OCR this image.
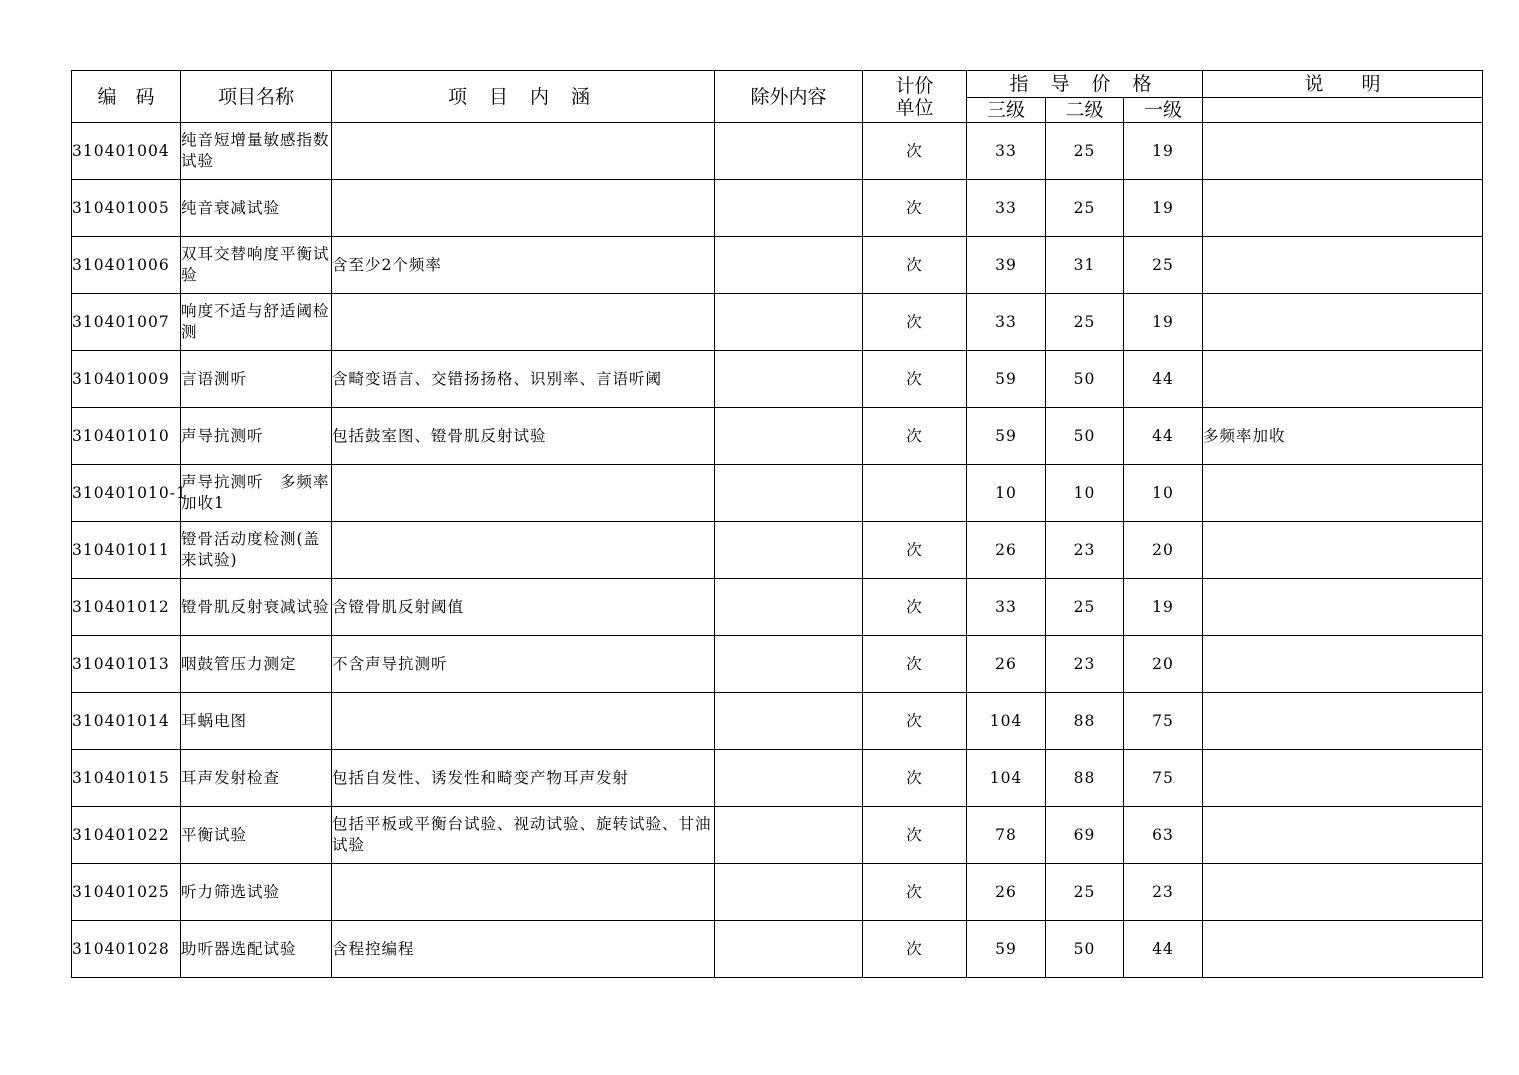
编　码	项目名称	项 目 内 涵	除外内容	计价单位	指 导 价 格			说　　明
					三级	二级	一级	
310401004	纯音短增量敏感指数试验			次	33	25	19	
310401005	纯音衰减试验			次	33	25	19	
310401006	双耳交替响度平衡试验	含至少2个频率		次	39	31	25	
310401007	响度不适与舒适阈检测			次	33	25	19	
310401009	言语测听	含畸变语言、交错扬扬格、识别率、言语听阈		次	59	50	44	
310401010	声导抗测听	包括鼓室图、镫骨肌反射试验		次	59	50	44	多频率加收
310401010-1	声导抗测听　多频率加收1				10	10	10	
310401011	镫骨活动度检测(盖来试验)			次	26	23	20	
310401012	镫骨肌反射衰减试验	含镫骨肌反射阈值		次	33	25	19	
310401013	咽鼓管压力测定	不含声导抗测听		次	26	23	20	
310401014	耳蜗电图			次	104	88	75	
310401015	耳声发射检查	包括自发性、诱发性和畸变产物耳声发射		次	104	88	75	
310401022	平衡试验	包括平板或平衡台试验、视动试验、旋转试验、甘油试验		次	78	69	63	
310401025	听力筛选试验			次	26	25	23	
310401028	助听器选配试验	含程控编程		次	59	50	44	
